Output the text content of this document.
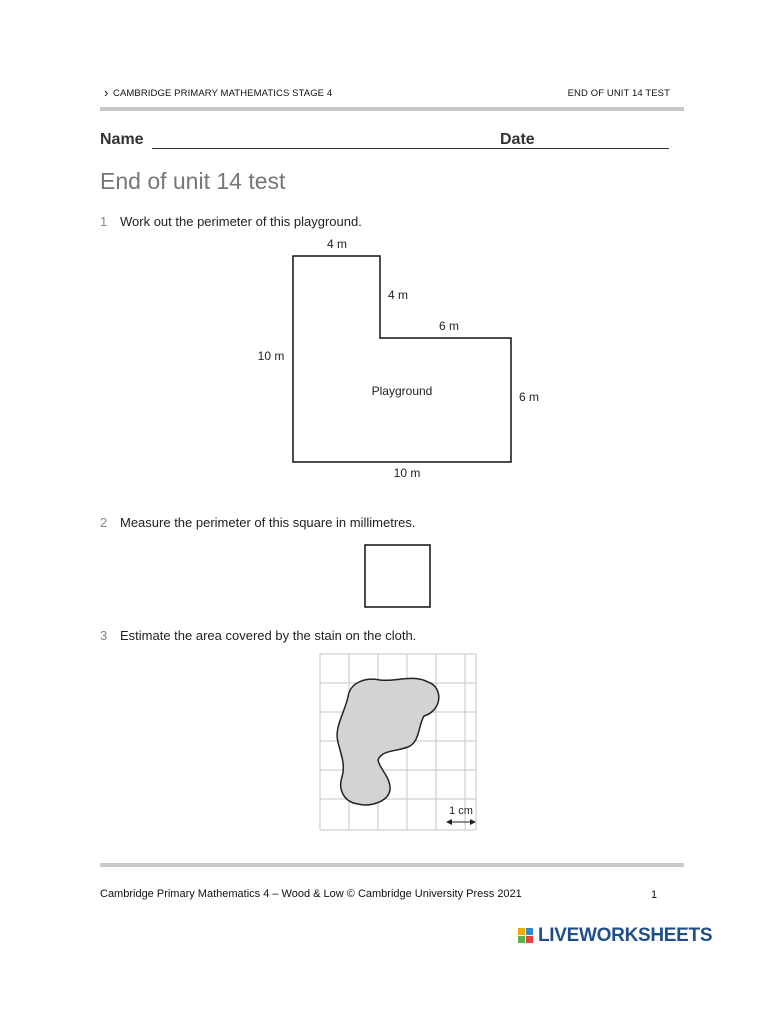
› CAMBRIDGE PRIMARY MATHEMATICS STAGE 4	END OF UNIT 14 TEST
Name	Date
End of unit 14 test
1 Work out the perimeter of this playground.
4 m
4 m
6 m
10 m
Playground	6 m
10 m
2 Measure the perimeter of this square in millimetres.
3 Estimate the area covered by the stain on the cloth.
1 cm
Cambridge Primary Mathematics 4 – Wood & Low © Cambridge University Press 2021	1
LIVEWORKSHEETS
